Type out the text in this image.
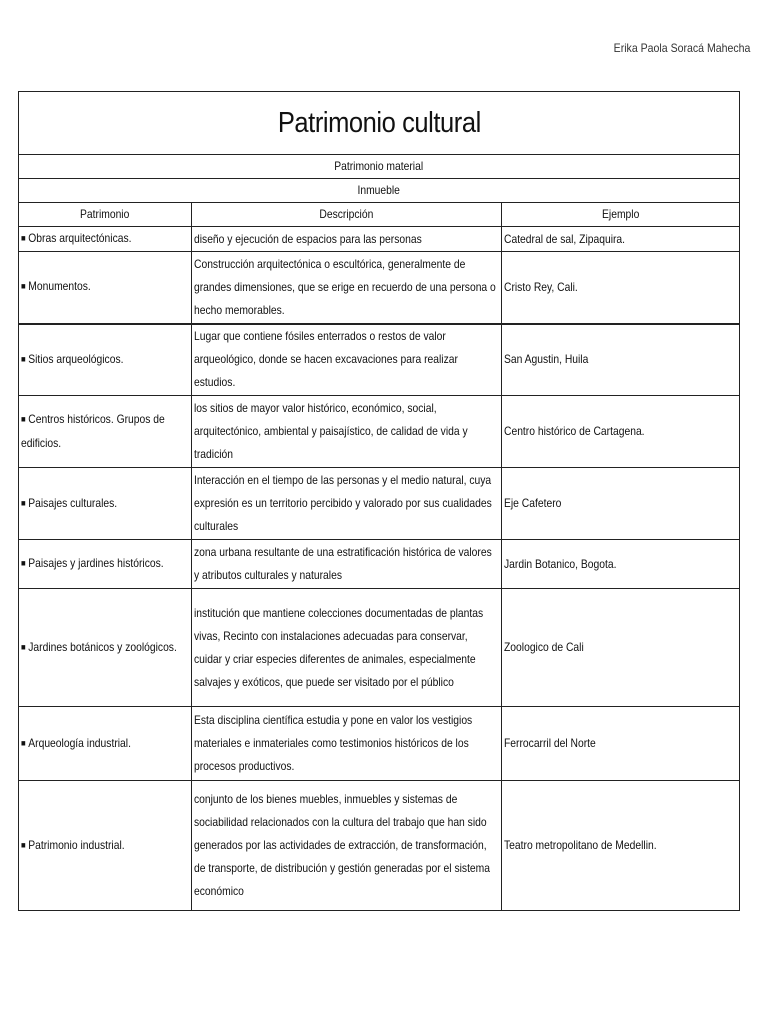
Erika Paola Soracá Mahecha
Patrimonio cultural		
Patrimonio material		
Inmueble		
Patrimonio	Descripción	Ejemplo
■ Obras arquitectónicas.	diseño y ejecución de espacios para las personas	Catedral de sal, Zipaquira.
■ Monumentos.	Construcción arquitectónica o escultórica, generalmente de grandes dimensiones, que se erige en recuerdo de una persona o hecho memorables.	Cristo Rey, Cali.
■ Sitios arqueológicos.	Lugar que contiene fósiles enterrados o restos de valor arqueológico, donde se hacen excavaciones para realizar estudios.	San Agustin, Huila
■ Centros históricos. Grupos de edificios.	los sitios de mayor valor histórico, económico, social, arquitectónico, ambiental y paisajístico, de calidad de vida y tradición	Centro histórico de Cartagena.
■ Paisajes culturales.	Interacción en el tiempo de las personas y el medio natural, cuya expresión es un territorio percibido y valorado por sus cualidades culturales	Eje Cafetero
■ Paisajes y jardines históricos.	zona urbana resultante de una estratificación histórica de valores y atributos culturales y naturales	Jardin Botanico, Bogota.
■ Jardines botánicos y zoológicos.	institución que mantiene colecciones documentadas de plantas vivas, Recinto con instalaciones adecuadas para conservar, cuidar y criar especies diferentes de animales, especialmente salvajes y exóticos, que puede ser visitado por el público	Zoologico de Cali
■ Arqueología industrial.	Esta disciplina científica estudia y pone en valor los vestigios materiales e inmateriales como testimonios históricos de los procesos productivos.	Ferrocarril del Norte
■ Patrimonio industrial.	conjunto de los bienes muebles, inmuebles y sistemas de sociabilidad relacionados con la cultura del trabajo que han sido generados por las actividades de extracción, de transformación, de transporte, de distribución y gestión generadas por el sistema económico	Teatro metropolitano de Medellin.
